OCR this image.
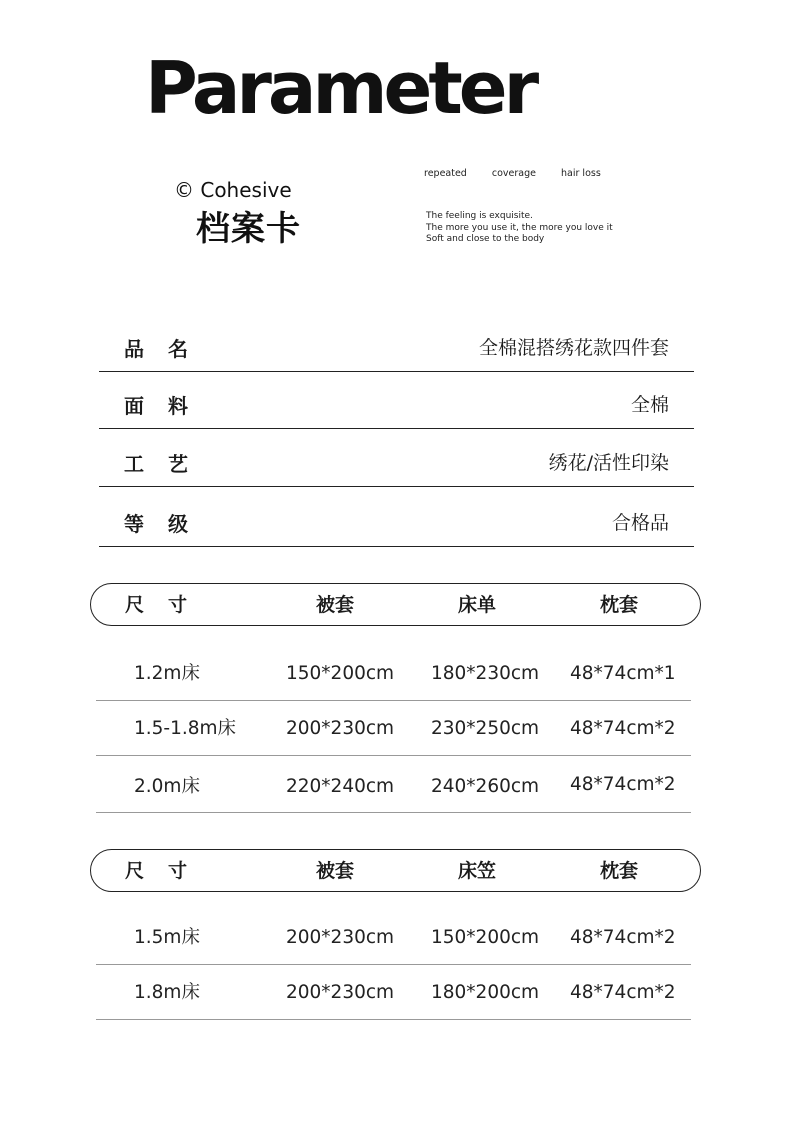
Parameter
© Cohesive
档案卡
repeated	coverage	hair loss
The feeling is exquisite.
The more you use it, the more you love it
Soft and close to the body
品名	全棉混搭绣花款四件套
面料	全棉
工艺	绣花/活性印染
等级	合格品
尺寸	被套	床单	枕套
1.2m床	150*200cm 180*230cm 48*74cm*1
1.5-1.8m床	200*230cm 230*250cm 48*74cm*2
2.0m床	220*240cm 240*260cm 48*74cm*2
尺寸	被套	床笠	枕套
1.5m床	200*230cm 150*200cm 48*74cm*2
1.8m床	200*230cm 180*200cm 48*74cm*2
